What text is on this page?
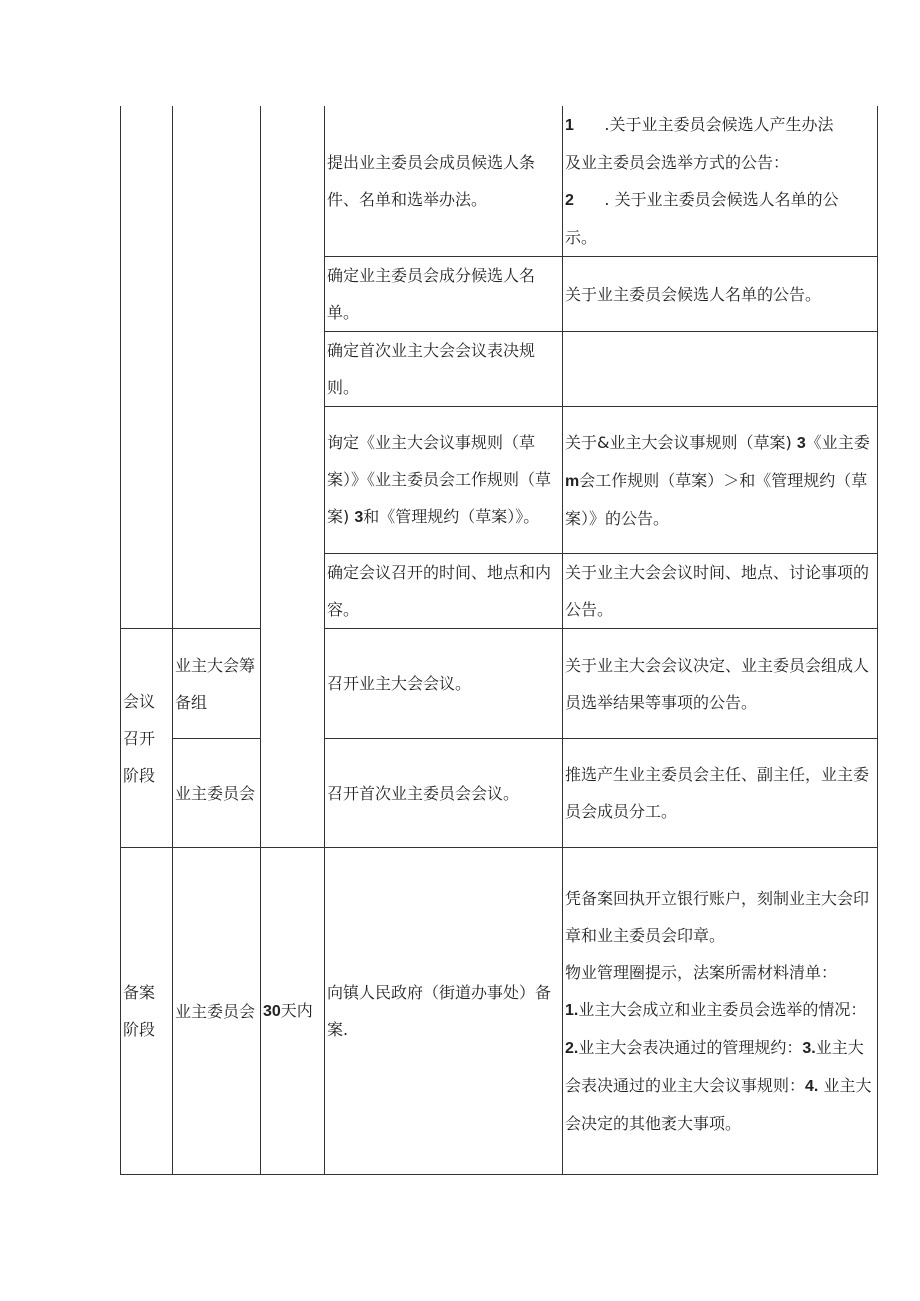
			提出业主委员会成员候选人条件、名单和选举办法。	1      .关于业主委员会候选人产生办法
及业主委员会选举方式的公告：
2      . 关于业主委员会候选人名单的公
示。

			确定业主委员会成分候选人名单。	关于业主委员会候选人名单的公告。
			确定首次业主大会会议表决规则。	
			询定《业主大会议事规则（草案）》《业主委员会工作规则（草案) 3和《管理规约（草案）》。	关于&业主大会议事规则（草案) 3《业主委m会工作规则（草案）＞和《管理规约（草案）》的公告。
			确定会议召开的时间、地点和内容。	关于业主大会会议时间、地点、讨论事项的公告。
会议召开阶段	业主大会筹备组		召开业主大会会议。	关于业主大会会议决定、业主委员会组成人员选举结果等事项的公告。
	业主委员会		召开首次业主委员会会议。	推选产生业主委员会主任、副主任，业主委员会成员分工。
备案阶段	业主委员会	30天内	向镇人民政府（街道办事处）备案.	凭备案回执开立银行账户，刻制业主大会印章和业主委员会印章。
物业管理圈提示，法案所需材料清单：
1.业主大会成立和业主委员会选举的情况：2.业主大会表决通过的管理规约：3.业主大会表决通过的业主大会议事规则：4. 业主大会决定的其他袤大事项。
